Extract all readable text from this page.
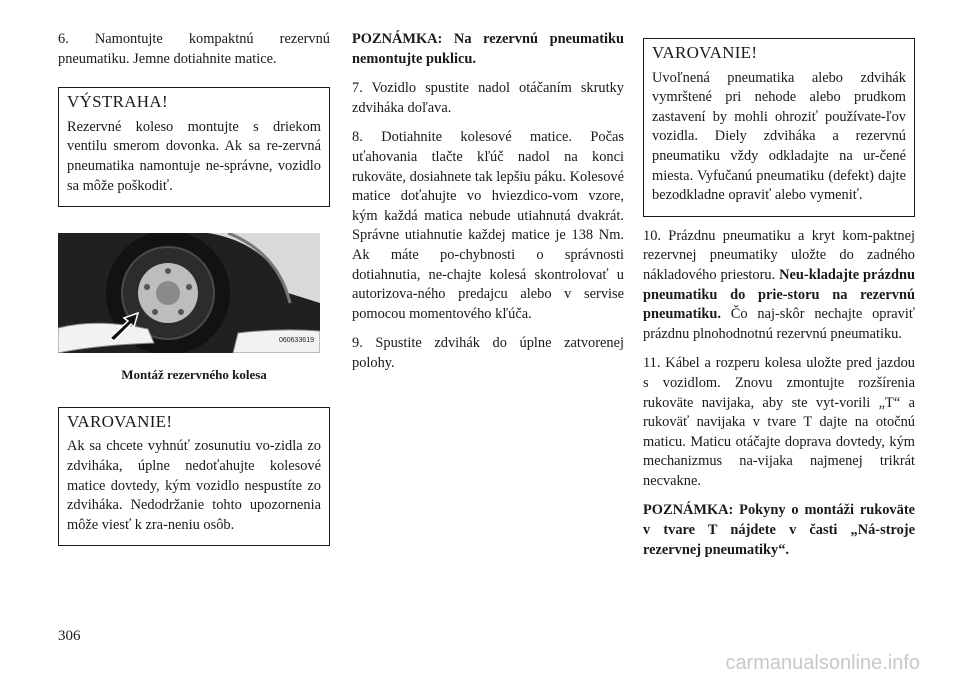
6. Namontujte kompaktnú rezervnú pneumatiku. Jemne dotiahnite matice.

VÝSTRAHA!

Rezervné koleso montujte s driekom ventilu smerom dovonka. Ak sa re-zervná pneumatika namontuje ne-správne, vozidlo sa môže poškodiť.

060633619
Montáž rezervného kolesa
VAROVANIE!

Ak sa chcete vyhnúť zosunutiu vo-zidla zo zdviháka, úplne nedoťahujte kolesové matice dovtedy, kým vozidlo nespustíte zo zdviháka. Nedodržanie tohto upozornenia môže viesť k zra-neniu osôb.

POZNÁMKA: Na rezervnú pneumatiku nemontujte puklicu.

7. Vozidlo spustite nadol otáčaním skrutky zdviháka doľava.

8. Dotiahnite kolesové matice. Počas uťahovania tlačte kľúč nadol na konci rukoväte, dosiahnete tak lepšiu páku. Kolesové matice doťahujte vo hviezdico-vom vzore, kým každá matica nebude utiahnutá dvakrát. Správne utiahnutie každej matice je 138 Nm. Ak máte po-chybnosti o správnosti dotiahnutia, ne-chajte kolesá skontrolovať u autorizova-ného predajcu alebo v servise pomocou momentového kľúča.

9. Spustite zdvihák do úplne zatvorenej polohy.

VAROVANIE!

Uvoľnená pneumatika alebo zdvihák vymrštené pri nehode alebo prudkom zastavení by mohli ohroziť používate-ľov vozidla. Diely zdviháka a rezervnú pneumatiku vždy odkladajte na ur-čené miesta. Vyfučanú pneumatiku (defekt) dajte bezodkladne opraviť alebo vymeniť.

10. Prázdnu pneumatiku a kryt kom-paktnej rezervnej pneumatiky uložte do zadného nákladového priestoru. Neu-kladajte prázdnu pneumatiku do prie-storu na rezervnú pneumatiku. Čo naj-skôr nechajte opraviť prázdnu plnohodnotnú rezervnú pneumatiku.

11. Kábel a rozperu kolesa uložte pred jazdou s vozidlom. Znovu zmontujte rozšírenia rukoväte navijaka, aby ste vyt-vorili „T“ a rukoväť navijaka v tvare T dajte na otočnú maticu. Maticu otáčajte doprava dovtedy, kým mechanizmus na-vijaka najmenej trikrát necvakne.

POZNÁMKA: Pokyny o montáži rukoväte v tvare T nájdete v časti „Ná-stroje rezervnej pneumatiky“.

306
carmanualsonline.info
